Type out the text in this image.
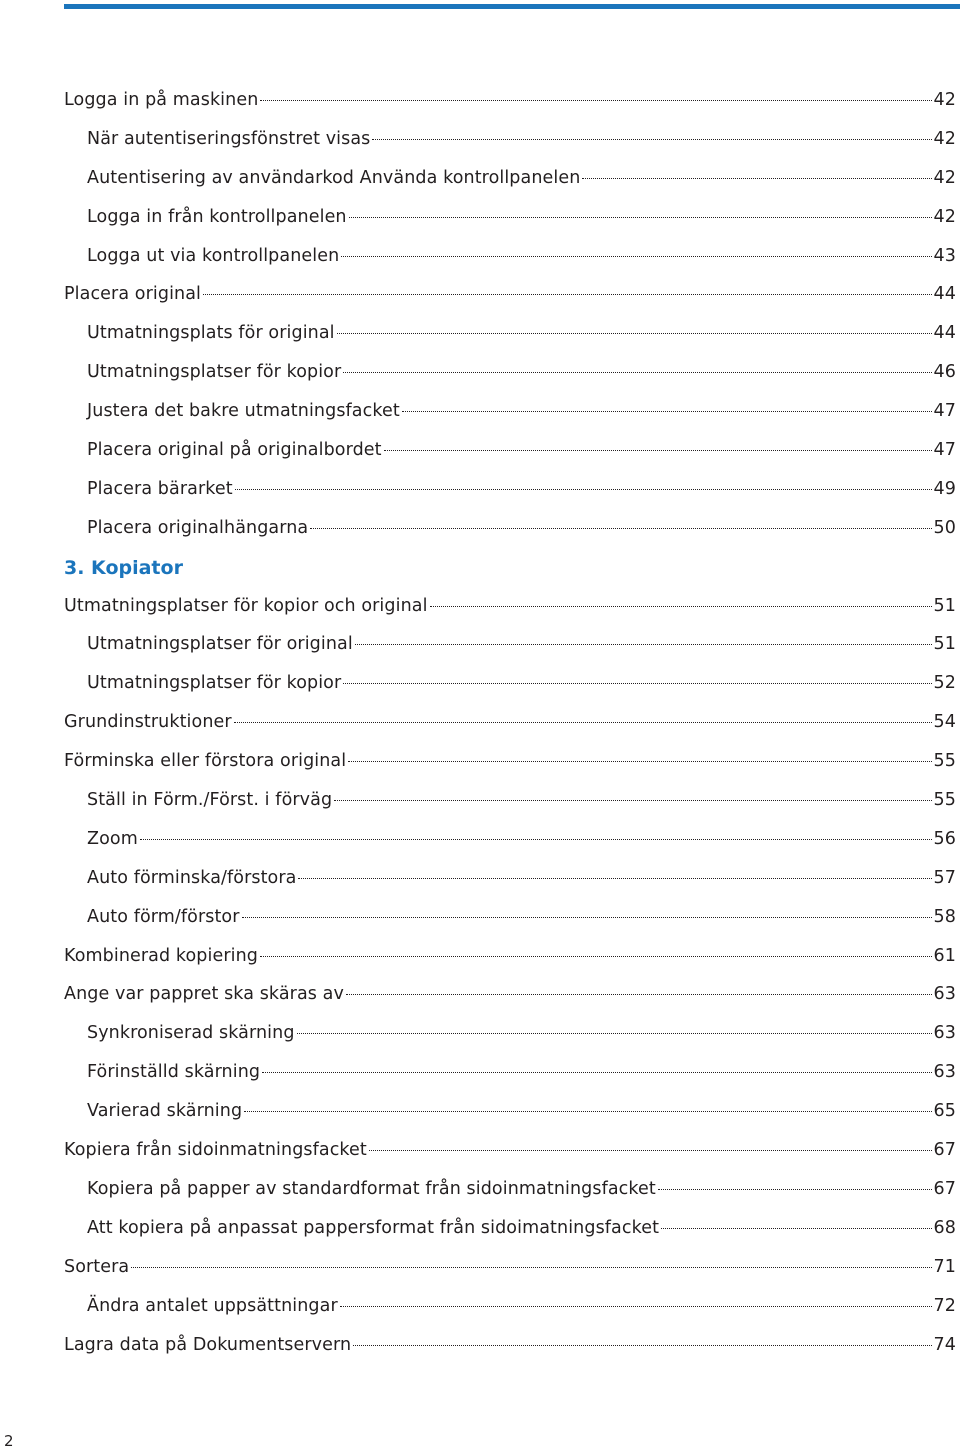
Logga in på maskinen	42
När autentiseringsfönstret visas	42
Autentisering av användarkod Använda kontrollpanelen	42
Logga in från kontrollpanelen	42
Logga ut via kontrollpanelen	43
Placera original	44
Utmatningsplats för original	44
Utmatningsplatser för kopior	46
Justera det bakre utmatningsfacket	47
Placera original på originalbordet	47
Placera bärarket	49
Placera originalhängarna	50
3. Kopiator
Utmatningsplatser för kopior och original	51
Utmatningsplatser för original	51
Utmatningsplatser för kopior	52
Grundinstruktioner	54
Förminska eller förstora original	55
Ställ in Förm./Först. i förväg	55
Zoom	56
Auto förminska/förstora	57
Auto förm/förstor	58
Kombinerad kopiering	61
Ange var pappret ska skäras av	63
Synkroniserad skärning	63
Förinställd skärning	63
Varierad skärning	65
Kopiera från sidoinmatningsfacket	67
Kopiera på papper av standardformat från sidoinmatningsfacket	67
Att kopiera på anpassat pappersformat från sidoimatningsfacket	68
Sortera	71
Ändra antalet uppsättningar	72
Lagra data på Dokumentservern	74
2
